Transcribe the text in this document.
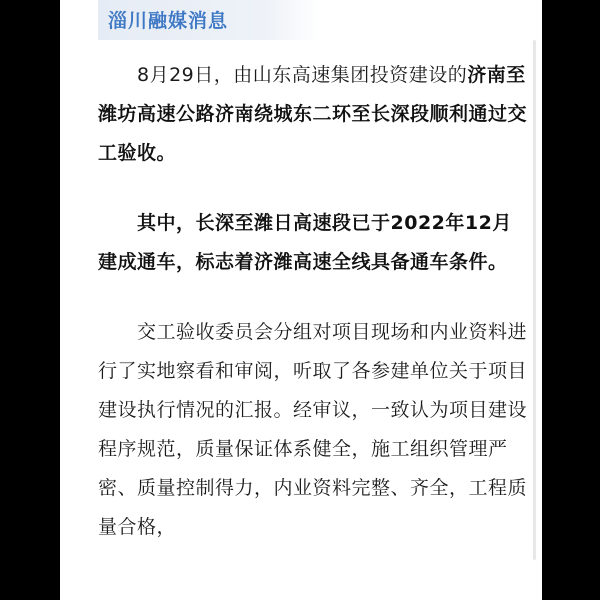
淄川融媒消息

8月29日，由山东高速集团投资建设的济南至潍坊高速公路济南绕城东二环至长深段顺利通过交工验收。

其中，长深至潍日高速段已于2022年12月建成通车，标志着济潍高速全线具备通车条件。

交工验收委员会分组对项目现场和内业资料进行了实地察看和审阅，听取了各参建单位关于项目建设执行情况的汇报。经审议，一致认为项目建设程序规范，质量保证体系健全，施工组织管理严密、质量控制得力，内业资料完整、齐全，工程质量合格，
